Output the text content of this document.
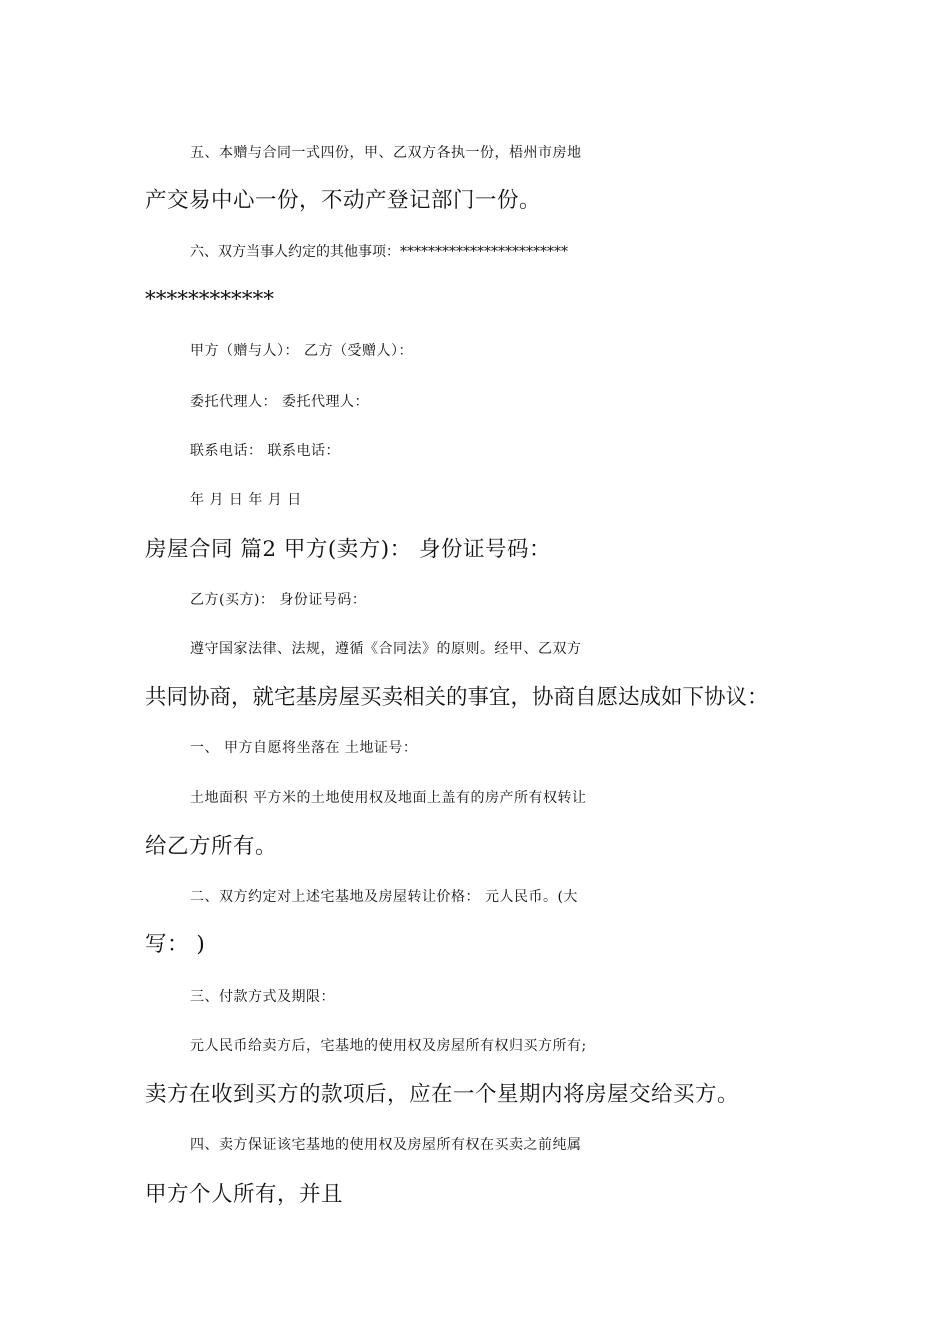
五、本赠与合同一式四份，甲、乙双方各执一份，梧州市房地
产交易中心一份，不动产登记部门一份。
六、双方当事人约定的其他事项：************************
************
甲方（赠与人）： 乙方（受赠人）：
委托代理人： 委托代理人：
联系电话： 联系电话：
年 月 日 年 月 日
房屋合同 篇2 甲方(卖方)： 身份证号码：
乙方(买方)： 身份证号码：
遵守国家法律、法规，遵循《合同法》的原则。经甲、乙双方
共同协商，就宅基房屋买卖相关的事宜，协商自愿达成如下协议：
一、 甲方自愿将坐落在 土地证号：
土地面积 平方米的土地使用权及地面上盖有的房产所有权转让
给乙方所有。
二、双方约定对上述宅基地及房屋转让价格： 元人民币。(大
写： )
三、付款方式及期限：
元人民币给卖方后，宅基地的使用权及房屋所有权归买方所有;
卖方在收到买方的款项后，应在一个星期内将房屋交给买方。
四、卖方保证该宅基地的使用权及房屋所有权在买卖之前纯属
甲方个人所有，并且
